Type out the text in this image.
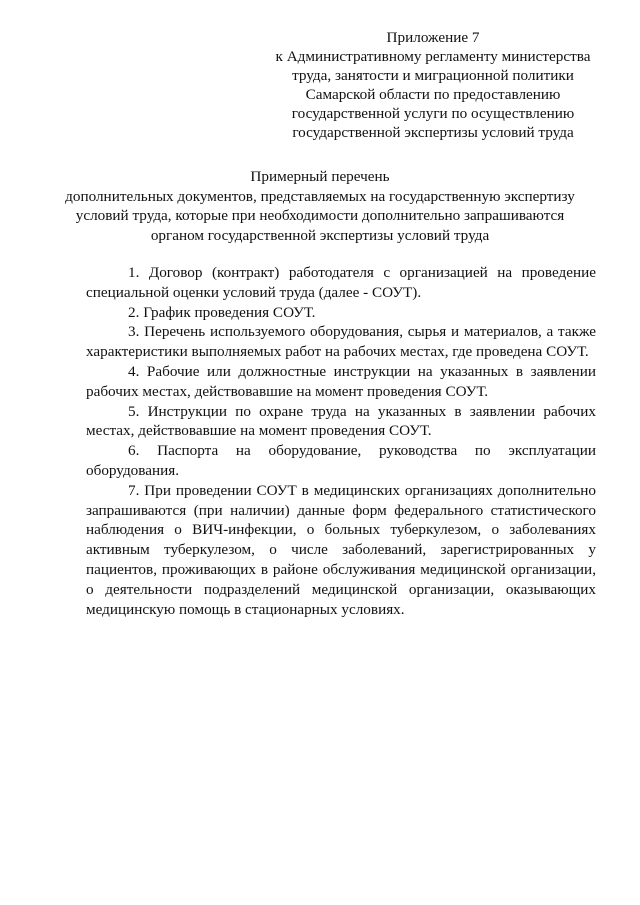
Приложение 7
к Административному регламенту министерства
труда, занятости и миграционной политики
Самарской области по предоставлению
государственной услуги по осуществлению
государственной экспертизы условий труда
Примерный перечень
дополнительных документов, представляемых на государственную экспертизу
условий труда, которые при необходимости дополнительно запрашиваются
органом государственной экспертизы условий труда

1. Договор (контракт) работодателя с организацией на проведение специальной оценки условий труда (далее - СОУТ).

2. График проведения СОУТ.

3. Перечень используемого оборудования, сырья и материалов, а также характеристики выполняемых работ на рабочих местах, где проведена СОУТ.

4. Рабочие или должностные инструкции на указанных в заявлении рабочих местах, действовавшие на момент проведения СОУТ.

5. Инструкции по охране труда на указанных в заявлении рабочих местах, действовавшие на момент проведения СОУТ.

6. Паспорта на оборудование, руководства по эксплуатации оборудования.

7. При проведении СОУТ в медицинских организациях дополнительно запрашиваются (при наличии) данные форм федерального статистического наблюдения о ВИЧ-инфекции, о больных туберкулезом, о заболеваниях активным туберкулезом, о числе заболеваний, зарегистрированных у пациентов, проживающих в районе обслуживания медицинской организации, о деятельности подразделений медицинской организации, оказывающих медицинскую помощь в стационарных условиях.
